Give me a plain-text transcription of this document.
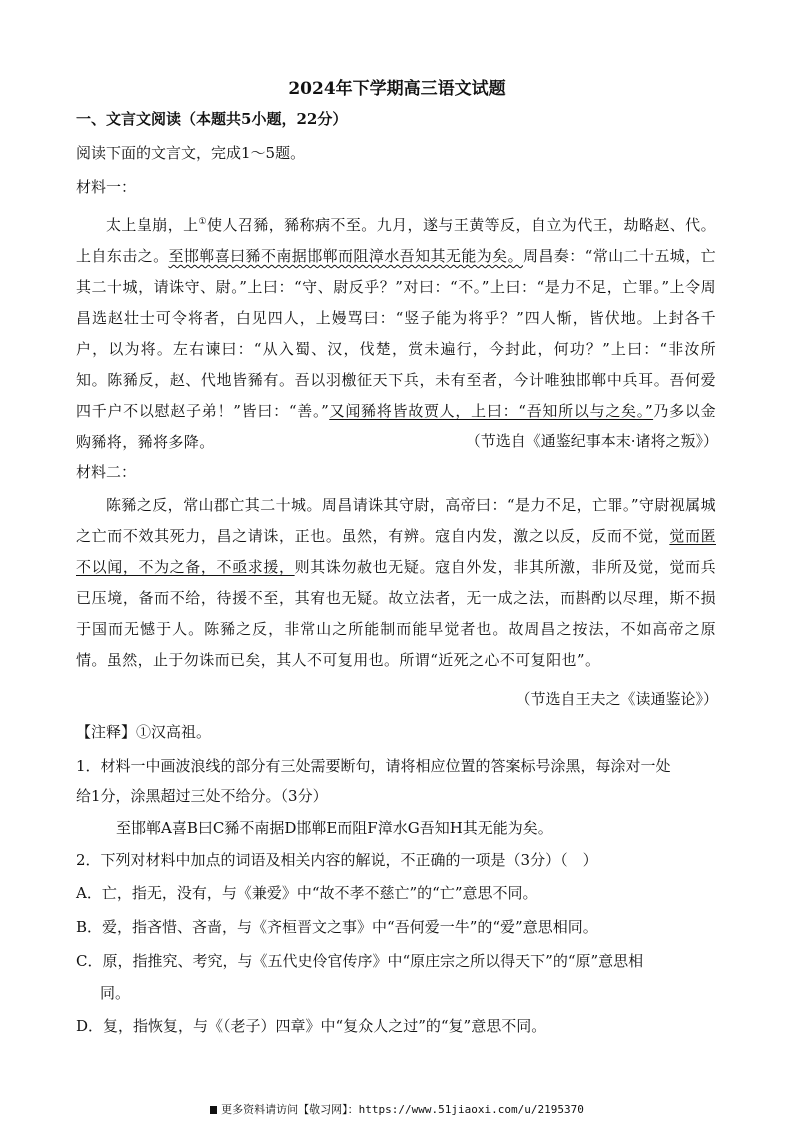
2024年下学期高三语文试题
一、文言文阅读（本题共5小题，22分）
阅读下面的文言文，完成1～5题。
材料一：
太上皇崩，上①使人召豨，豨称病不至。九月，遂与王黄等反，自立为代王，劫略赵、代。上自东击之。至邯郸喜曰豨不南据邯郸而阻漳水吾知其无能为矣。周昌奏：“常山二十五城，亡其二十城，请诛守、尉。”上曰：“守、尉反乎？”对曰：“不。”上曰：“是力不足，亡罪。”上令周昌选赵壮士可令将者，白见四人，上嫚骂曰：“竖子能为将乎？”四人惭，皆伏地。上封各千户，以为将。左右谏曰：“从入蜀、汉，伐楚，赏未遍行，今封此，何功？”上曰：“非汝所知。陈豨反，赵、代地皆豨有。吾以羽檄征天下兵，未有至者，今计唯独邯郸中兵耳。吾何爱四千户不以慰赵子弟！”皆曰：“善。”又闻豨将皆故贾人，上曰：“吾知所以与之矣。”乃多以金购豨将，豨将多降。	（节选自《通鉴纪事本末·诸将之叛》）
材料二：
陈豨之反，常山郡亡其二十城。周昌请诛其守尉，高帝曰：“是力不足，亡罪。”守尉视属城之亡而不效其死力，昌之请诛，正也。虽然，有辨。寇自内发，激之以反，反而不觉，觉而匿不以闻，不为之备，不亟求援，则其诛勿赦也无疑。寇自外发，非其所激，非所及觉，觉而兵已压境，备而不给，待援不至，其宥也无疑。故立法者，无一成之法，而斟酌以尽理，斯不损于国而无憾于人。陈豨之反，非常山之所能制而能早觉者也。故周昌之按法，不如高帝之原情。虽然，止于勿诛而已矣，其人不可复用也。所谓“近死之心不可复阳也”。
（节选自王夫之《读通鉴论》）
【注释】①汉高祖。
1．材料一中画波浪线的部分有三处需要断句，请将相应位置的答案标号涂黑，每涂对一处
给1分，涂黑超过三处不给分。（3分）
至邯郸A喜B曰C豨不南据D邯郸E而阻F漳水G吾知H其无能为矣。
2．下列对材料中加点的词语及相关内容的解说，不正确的一项是（3分）（　）
A．亡，指无，没有，与《兼爱》中“故不孝不慈亡”的“亡”意思不同。
B．爱，指吝惜、吝啬，与《齐桓晋文之事》中“吾何爱一牛”的“爱”意思相同。
C．原，指推究、考究，与《五代史伶官传序》中“原庄宗之所以得天下”的“原”意思相
同。
D．复，指恢复，与《（老子）四章》中“复众人之过”的“复”意思不同。
更多资料请访问【敬习网】：https://www.51jiaoxi.com/u/2195370
